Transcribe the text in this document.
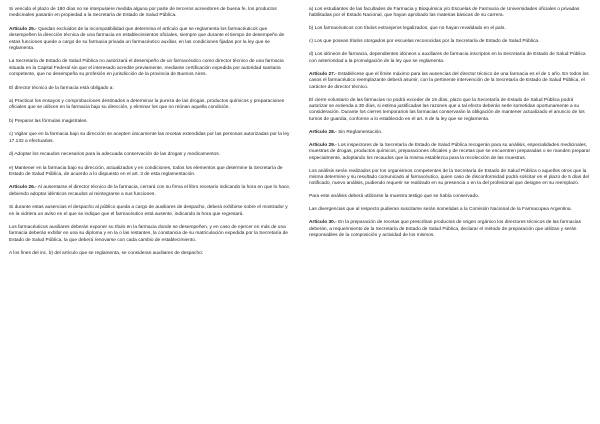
Si vencido el plazo de 180 días no se interpusiere medida alguna por parte de terceros acreedores de buena fe, los productos medicinales pasarán en propiedad a la Secretaría de Estado de Salud Pública.

Artículo 25.- Quedan excluidos de la incompatibilidad que determina el artículo que se reglamenta los farmacéuticos que desempeñen la dirección técnica de una farmacia en establecimientos oficiales, siempre que durante el tiempo de desempeño de estas funciones quede a cargo de su farmacia privada un farmacéutico auxiliar, en las condiciones fijadas por la ley que se reglamenta.

La Secretaría de Estado de Salud Pública no autorizará el desempeño de un farmacéutico como director técnico de una farmacia situada en la Capital Federal sin que el interesado acredite previamente, mediante certificación expedida por autoridad sanitaria competente, que no desempeña su profesión en jurisdicción de la provincia de Buenos Aires.

El director técnico de la farmacia está obligado a:

a) Practicar los ensayos y comprobaciones destinados a determinar la pureza de las drogas, productos químicos y preparaciones oficiales que se utilicen en la farmacia bajo su dirección, y eliminar los que no reúnan aquella condición.

b) Preparar las fórmulas magistrales.

c) Vigilar que en la farmacia bajo su dirección se acepten únicamente las recetas extendidas por las personas autorizadas por la ley 17.132 a efectuarlas.

d) Adoptar los recaudos necesarios para la adecuada conservación de las drogas y medicamentos.

e) Mantener en la farmacia bajo su dirección, actualizados y en condiciones, todos los elementos que determine la Secretaría de Estado de Salud Pública, de acuerdo a lo dispuesto en el art. 3 de esta reglamentación.

Artículo 26.- Al ausentarse el director técnico de la farmacia, cerrará con su firma el libro recetario indicando la hora en que lo hace, debiendo adoptar idénticos recaudos al reintegrarse a sus funciones.

Si durante estas ausencias el despacho al público queda a cargo de auxiliares de despacho, deberá exhibirse sobre el mostrador y en la vidriera un aviso en el que se indique que el farmacéutico está ausente, indicando la hora que regresará.

Los farmacéuticos auxiliares deberán exponer su título en la farmacia donde se desempeñen, y en caso de ejercer en más de una farmacia deberán exhibir en una su diploma y en la o las restantes, la constancia de su matriculación expedida por la Secretaría de Estado de Salud Pública, la que deberá renovarse con cada cambio de establecimiento.

A los fines del inc. b) del artículo que se reglamenta, se consideran auxiliares de despacho:

a) Los estudiantes de las facultades de Farmacia y Bioquímica y/o Escuelas de Farmacia de Universidades oficiales o privadas habilitadas por el Estado Nacional, que hayan aprobado las materias básicas de su carrera.

b) Los farmacéuticos con títulos extranjeros legalizados, que no hayan revalidado en el país.

c) Los que posean títulos otorgados por escuelas reconocidas por la Secretaría de Estado de Salud Pública.

d) Los idóneos de farmacia, dependientes idóneos u auxiliares de farmacia inscriptos en la Secretaría de Estado de Salud Pública con anterioridad a la promulgación de la ley que se reglamenta.

Artículo 27.- Establécese que el límite máximo para las ausencias del director técnico de una farmacia es el de 1 año. En todos los casos el farmacéutico reemplazante deberá asumir, con la pertinente intervención de la Secretaría de Estado de Salud Pública, el carácter de director técnico.

El cierre voluntario de las farmacias no podrá exceder de 15 días, plazo que la Secretaría de Estado de Salud Pública podrá autorizar se extienda a 30 días, si estima justificadas las razones que a tal efecto deberán serle sometidas oportunamente a su consideración. Durante los cierres temporarios las farmacias conservarán la obligación de mantener actualizado el anuncio de los turnos de guardia, conforme a lo establecido en el art. 6 de la ley que se reglamenta.

Artículo 28.- Sin Reglamentación.

Artículo 29.- Los inspectores de la Secretaría de Estado de Salud Pública recogerán para su análisis, especialidades medicinales, muestras de drogas, productos químicos, preparaciones oficiales y de recetas que se encuentren preparadas o se manden preparar especialmente, adoptando los recaudos que la misma establezca para la recolección de las muestras.

Los análisis serán realizados por los organismos competentes de la Secretaría de Estado de Salud Pública o aquellos otros que la misma determine y su resultado comunicado al farmacéutico, quien caso de disconformidad podrá solicitar en el plazo de 5 días del notificado, nuevo análisis, pudiendo requerir se realizado en su presencia o en la del profesional que designe en su reemplazo.

Para este análisis deberá utilizarse la muestra testigo que se había conservado.

Las divergencias que al respecto pudieran suscitarse serán sometidas a la Comisión Nacional de la Farmacopea Argentina.

Artículo 30.- En la preparación de recetas que prescriban productos de origen orgánico los directores técnicos de las farmacias deberán, a requerimiento de la Secretaría de Estado de Salud Pública, declarar el método de preparación que utilizan y serán responsables de la composición y actividad de los mismos.
